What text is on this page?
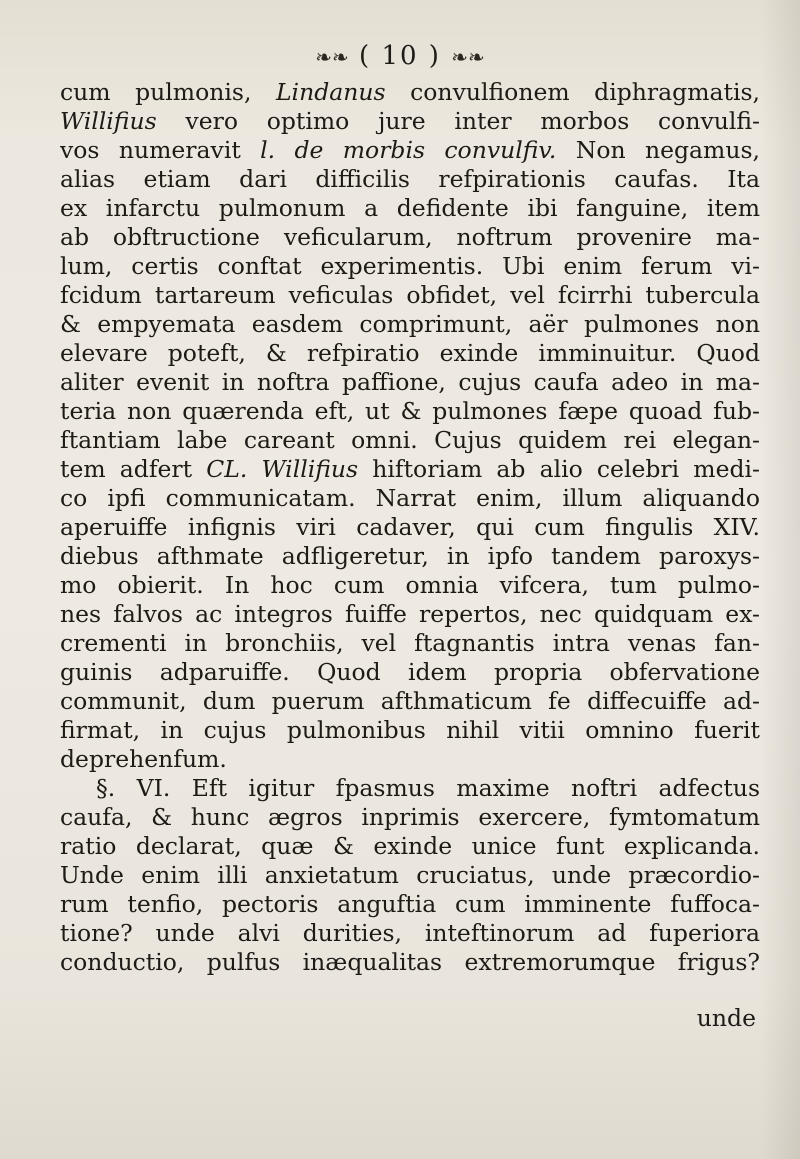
❧❧ ( 10 ) ❧❧
cum pulmonis, Lindanus convulfionem diphragmatis,
Willifius vero optimo jure inter morbos convulfi-
vos numeravit l. de morbis convulfiv. Non negamus,
alias etiam dari difficilis refpirationis caufas. Ita
ex infarctu pulmonum a defidente ibi fanguine, item
ab obftructione veficularum, noftrum provenire ma-
lum, certis conftat experimentis. Ubi enim ferum vi-
fcidum tartareum veficulas obfidet, vel fcirrhi tubercula
& empyemata easdem comprimunt, aër pulmones non
elevare poteft, & refpiratio exinde imminuitur. Quod
aliter evenit in noftra paffione, cujus caufa adeo in ma-
teria non quærenda eft, ut & pulmones fæpe quoad fub-
ftantiam labe careant omni. Cujus quidem rei elegan-
tem adfert CL. Willifius hiftoriam ab alio celebri medi-
co ipfi communicatam. Narrat enim, illum aliquando
aperuiffe infignis viri cadaver, qui cum fingulis XIV.
diebus afthmate adfligeretur, in ipfo tandem paroxys-
mo obierit. In hoc cum omnia vifcera, tum pulmo-
nes falvos ac integros fuiffe repertos, nec quidquam ex-
crementi in bronchiis, vel ftagnantis intra venas fan-
guinis adparuiffe. Quod idem propria obfervatione
communit, dum puerum afthmaticum fe diffecuiffe ad-
firmat, in cujus pulmonibus nihil vitii omnino fuerit
deprehenfum.
§. VI. Eft igitur fpasmus maxime noftri adfectus
caufa, & hunc ægros inprimis exercere, fymtomatum
ratio declarat, quæ & exinde unice funt explicanda.
Unde enim illi anxietatum cruciatus, unde præcordio-
rum tenfio, pectoris anguftia cum imminente fuffoca-
tione? unde alvi durities, inteftinorum ad fuperiora
conductio, pulfus inæqualitas extremorumque frigus?
unde
